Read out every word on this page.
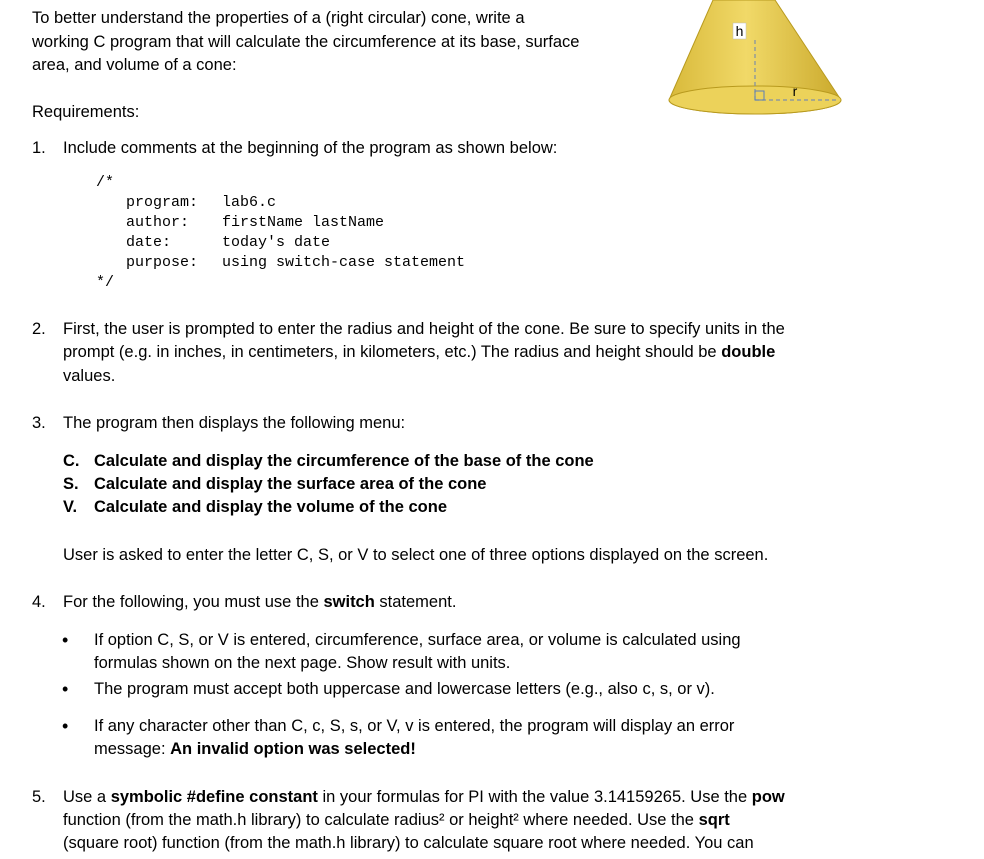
To better understand the properties of a (right circular) cone, write a
working C program that will calculate the circumference at its base, surface
area, and volume of a cone:
h
r
Requirements:
1. Include comments at the beginning of the program as shown below:
/*
program: lab6.c
author: firstName lastName
date:	today's date
purpose: using switch-case statement
*/
2. First, the user is prompted to enter the radius and height of the cone. Be sure to specify units in the
prompt (e.g. in inches, in centimeters, in kilometers, etc.) The radius and height should be double
values.
3. The program then displays the following menu:
C. Calculate and display the circumference of the base of the cone
S. Calculate and display the surface area of the cone
V. Calculate and display the volume of the cone
User is asked to enter the letter C, S, or V to select one of three options displayed on the screen.
4. For the following, you must use the switch statement.
• If option C, S, or V is entered, circumference, surface area, or volume is calculated using
formulas shown on the next page. Show result with units.
• The program must accept both uppercase and lowercase letters (e.g., also c, s, or v).
• If any character other than C, c, S, s, or V, v is entered, the program will display an error
message: An invalid option was selected!
5. Use a symbolic #define constant in your formulas for PI with the value 3.14159265. Use the pow
function (from the math.h library) to calculate radius² or height² where needed. Use the sqrt
(square root) function (from the math.h library) to calculate square root where needed. You can
